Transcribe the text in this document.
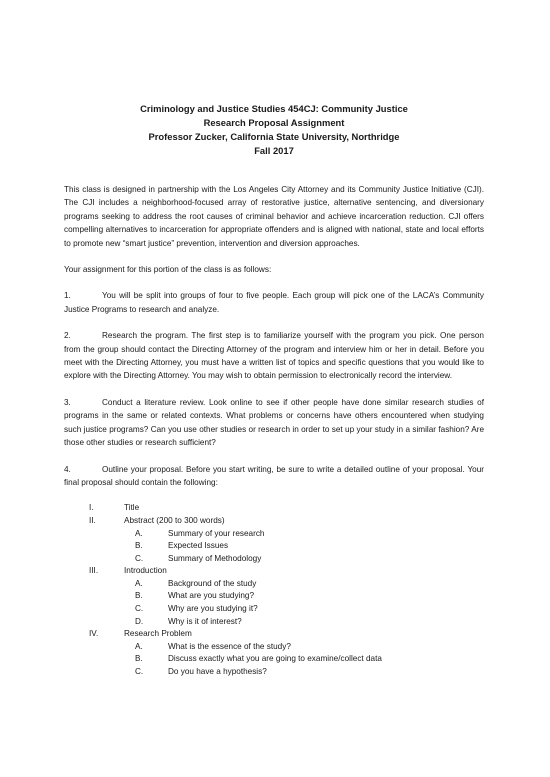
Criminology and Justice Studies 454CJ: Community Justice
Research Proposal Assignment
Professor Zucker, California State University, Northridge
Fall 2017

This class is designed in partnership with the Los Angeles City Attorney and its Community Justice Initiative (CJI). The CJI includes a neighborhood-focused array of restorative justice, alternative sentencing, and diversionary programs seeking to address the root causes of criminal behavior and achieve incarceration reduction. CJI offers compelling alternatives to incarceration for appropriate offenders and is aligned with national, state and local efforts to promote new “smart justice” prevention, intervention and diversion approaches.

Your assignment for this portion of the class is as follows:

1.	You will be split into groups of four to five people. Each group will pick one of the LACA’s Community Justice Programs to research and analyze.

2.	Research the program. The first step is to familiarize yourself with the program you pick. One person from the group should contact the Directing Attorney of the program and interview him or her in detail. Before you meet with the Directing Attorney, you must have a written list of topics and specific questions that you would like to explore with the Directing Attorney. You may wish to obtain permission to electronically record the interview.

3.	Conduct a literature review. Look online to see if other people have done similar research studies of programs in the same or related contexts. What problems or concerns have others encountered when studying such justice programs? Can you use other studies or research in order to set up your study in a similar fashion? Are those other studies or research sufficient?

4.	Outline your proposal. Before you start writing, be sure to write a detailed outline of your proposal. Your final proposal should contain the following:

I.	Title
II.	Abstract (200 to 300 words)
A.	Summary of your research
B.	Expected Issues
C.	Summary of Methodology
III.	Introduction
A.	Background of the study
B.	What are you studying?
C.	Why are you studying it?
D.	Why is it of interest?
IV.	Research Problem
A.	What is the essence of the study?
B.	Discuss exactly what you are going to examine/collect data
C.	Do you have a hypothesis?
